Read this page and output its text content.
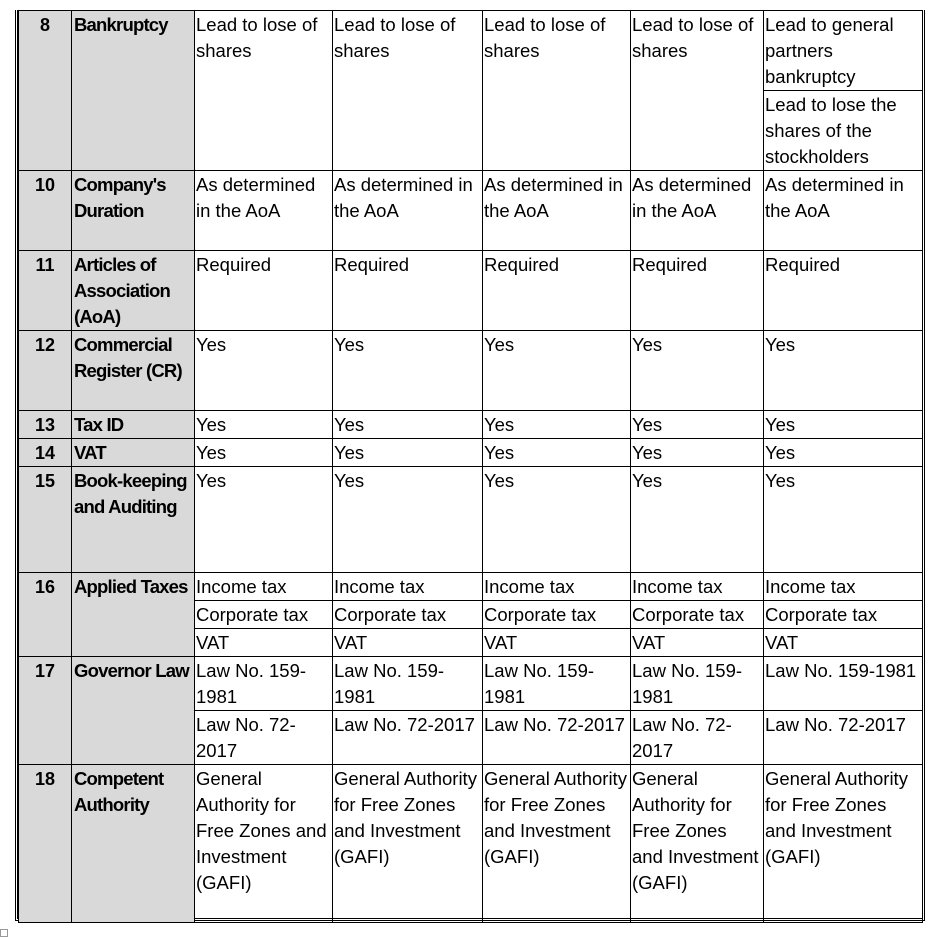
8	Bankruptcy	Lead to lose of shares	Lead to lose of shares	Lead to lose of shares	Lead to lose of shares	Lead to general partners bankruptcy
						Lead to lose the shares of the stockholders
10	Company's Duration	As determined in the AoA	As determined in the AoA	As determined in the AoA	As determined in the AoA	As determined in the AoA
11	Articles of Association (AoA)	Required	Required	Required	Required	Required
12	Commercial Register (CR)	Yes	Yes	Yes	Yes	Yes
13	Tax ID	Yes	Yes	Yes	Yes	Yes
14	VAT	Yes	Yes	Yes	Yes	Yes
15	Book-keeping and Auditing	Yes	Yes	Yes	Yes	Yes
16	Applied Taxes	Income tax	Income tax	Income tax	Income tax	Income tax
		Corporate tax	Corporate tax	Corporate tax	Corporate tax	Corporate tax
		VAT	VAT	VAT	VAT	VAT
17	Governor Law	Law No. 159-1981	Law No. 159-1981	Law No. 159-1981	Law No. 159-1981	Law No. 159-1981
		Law No. 72-2017	Law No. 72-2017	Law No. 72-2017	Law No. 72-2017	Law No. 72-2017
18	Competent Authority	General Authority for Free Zones and Investment (GAFI)	General Authority for Free Zones and Investment (GAFI)	General Authority for Free Zones and Investment (GAFI)	General Authority for Free Zones and Investment (GAFI)	General Authority for Free Zones and Investment (GAFI)
